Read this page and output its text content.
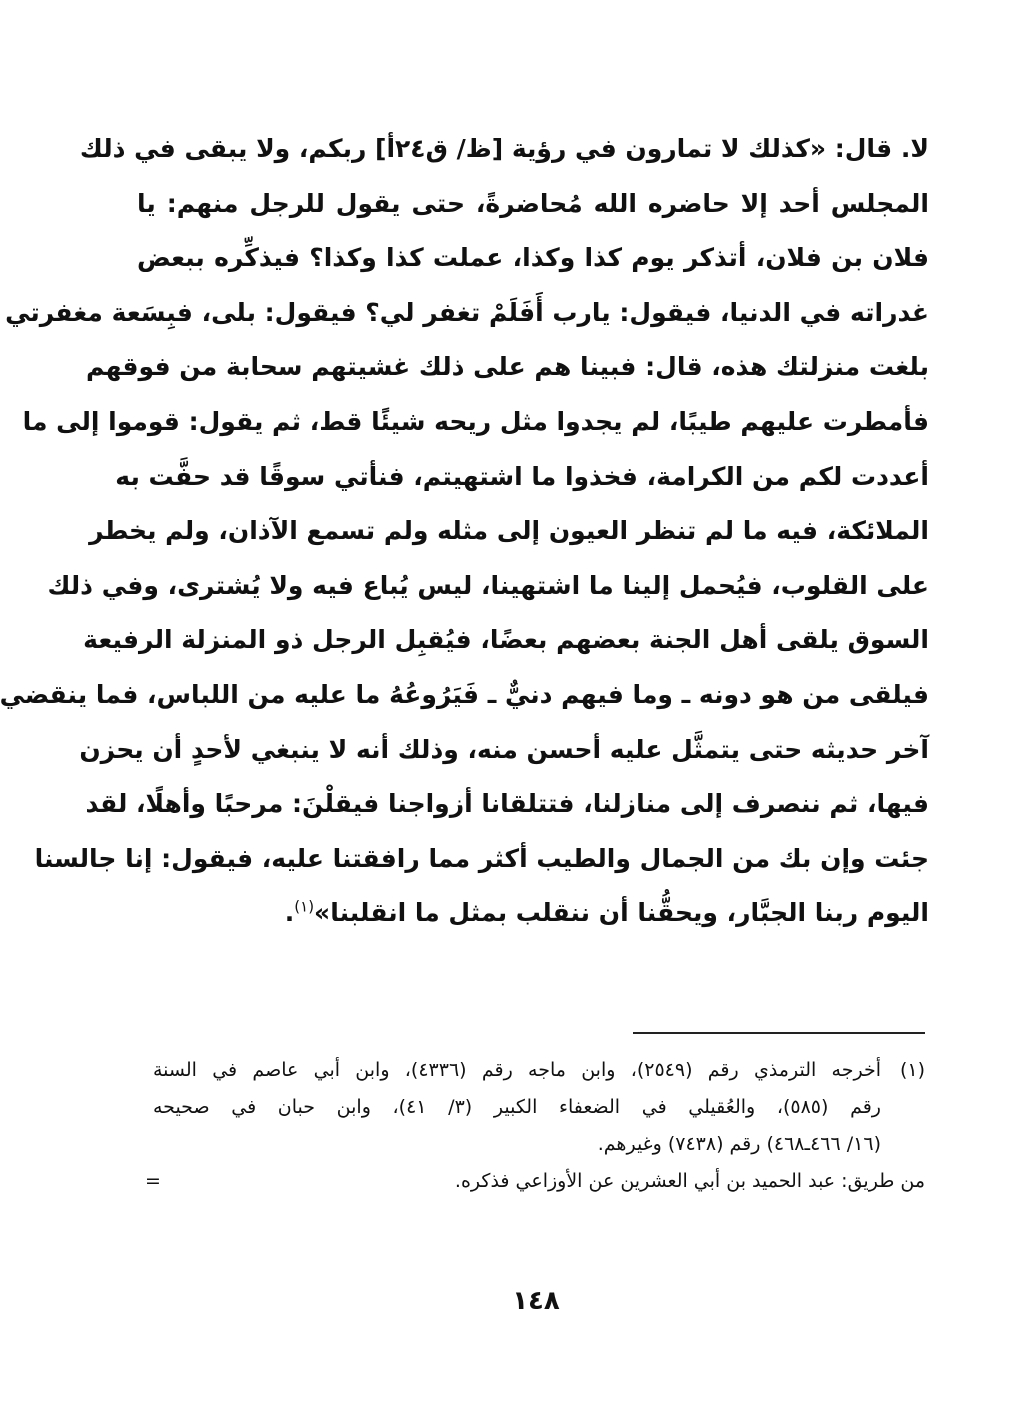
لا. قال: «كذلك لا تمارون في رؤية [ظ/ ق٢٤أ] ربكم، ولا يبقى في ذلك
المجلس أحد إلا حاضره الله مُحاضرةً، حتى يقول للرجل منهم: يا
فلان بن فلان، أتذكر يوم كذا وكذا، عملت كذا وكذا؟ فيذكِّره ببعض
غدراته في الدنيا، فيقول: يارب أَفَلَمْ تغفر لي؟ فيقول: بلى، فبِسَعة مغفرتي
بلغت منزلتك هذه، قال: فبينا هم على ذلك غشيتهم سحابة من فوقهم
فأمطرت عليهم طيبًا، لم يجدوا مثل ريحه شيئًا قط، ثم يقول: قوموا إلى ما
أعددت لكم من الكرامة، فخذوا ما اشتهيتم، فنأتي سوقًا قد حفَّت به
الملائكة، فيه ما لم تنظر العيون إلى مثله ولم تسمع الآذان، ولم يخطر
على القلوب، فيُحمل إلينا ما اشتهينا، ليس يُباع فيه ولا يُشترى، وفي ذلك
السوق يلقى أهل الجنة بعضهم بعضًا، فيُقبِل الرجل ذو المنزلة الرفيعة
فيلقى من هو دونه ـ وما فيهم دنيٌّ ـ فَيَرُوعُهُ ما عليه من اللباس، فما ينقضي
آخر حديثه حتى يتمثَّل عليه أحسن منه، وذلك أنه لا ينبغي لأحدٍ أن يحزن
فيها، ثم ننصرف إلى منازلنا، فتتلقانا أزواجنا فيقلْنَ: مرحبًا وأهلًا، لقد
جئت وإن بك من الجمال والطيب أكثر مما رافقتنا عليه، فيقول: إنا جالسنا
اليوم ربنا الجبَّار، ويحقُّنا أن ننقلب بمثل ما انقلبنا»$^{(١)}$.
(١)أخرجه الترمذي رقم (٢٥٤٩)، وابن ماجه رقم (٤٣٣٦)، وابن أبي عاصم في السنة
رقم (٥٨٥)، والعُقيلي في الضعفاء الكبير (٣/ ٤١)، وابن حبان في صحيحه
(١٦/ ٤٦٦ـ٤٦٨) رقم (٧٤٣٨) وغيرهم.
من طريق: عبد الحميد بن أبي العشرين عن الأوزاعي فذكره.
=
١٤٨
